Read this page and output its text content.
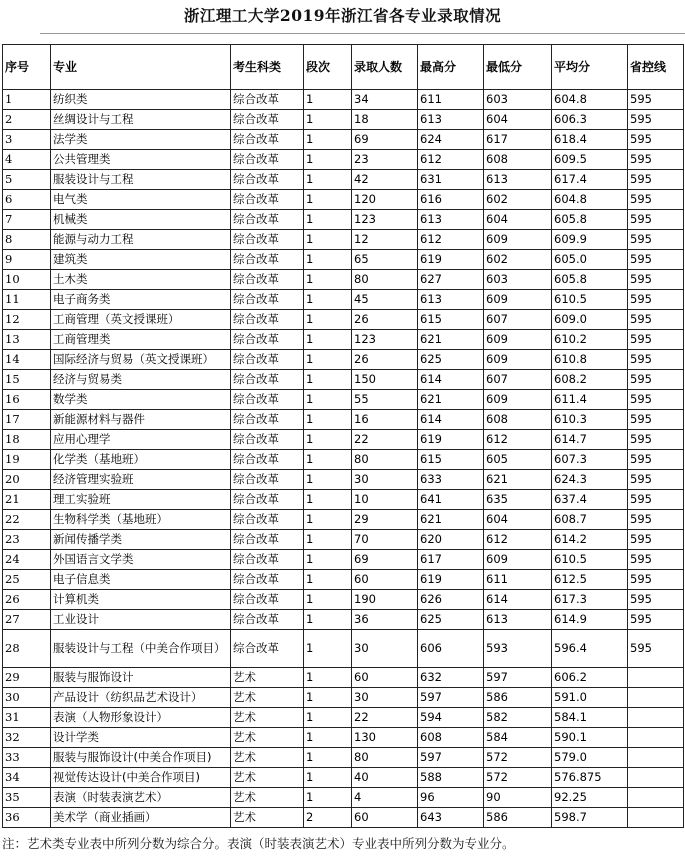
浙江理工大学2019年浙江省各专业录取情况
序号	专业	考生科类	段次	录取人数	最高分	最低分	平均分	省控线
1	纺织类	综合改革	1	34	611	603	604.8	595
2	丝绸设计与工程	综合改革	1	18	613	604	606.3	595
3	法学类	综合改革	1	69	624	617	618.4	595
4	公共管理类	综合改革	1	23	612	608	609.5	595
5	服装设计与工程	综合改革	1	42	631	613	617.4	595
6	电气类	综合改革	1	120	616	602	604.8	595
7	机械类	综合改革	1	123	613	604	605.8	595
8	能源与动力工程	综合改革	1	12	612	609	609.9	595
9	建筑类	综合改革	1	65	619	602	605.0	595
10	土木类	综合改革	1	80	627	603	605.8	595
11	电子商务类	综合改革	1	45	613	609	610.5	595
12	工商管理（英文授课班）	综合改革	1	26	615	607	609.0	595
13	工商管理类	综合改革	1	123	621	609	610.2	595
14	国际经济与贸易（英文授课班）	综合改革	1	26	625	609	610.8	595
15	经济与贸易类	综合改革	1	150	614	607	608.2	595
16	数学类	综合改革	1	55	621	609	611.4	595
17	新能源材料与器件	综合改革	1	16	614	608	610.3	595
18	应用心理学	综合改革	1	22	619	612	614.7	595
19	化学类（基地班）	综合改革	1	80	615	605	607.3	595
20	经济管理实验班	综合改革	1	30	633	621	624.3	595
21	理工实验班	综合改革	1	10	641	635	637.4	595
22	生物科学类（基地班）	综合改革	1	29	621	604	608.7	595
23	新闻传播学类	综合改革	1	70	620	612	614.2	595
24	外国语言文学类	综合改革	1	69	617	609	610.5	595
25	电子信息类	综合改革	1	60	619	611	612.5	595
26	计算机类	综合改革	1	190	626	614	617.3	595
27	工业设计	综合改革	1	36	625	613	614.9	595
28	服装设计与工程（中美合作项目）	综合改革	1	30	606	593	596.4	595
29	服装与服饰设计	艺术	1	60	632	597	606.2	
30	产品设计（纺织品艺术设计）	艺术	1	30	597	586	591.0	
31	表演（人物形象设计）	艺术	1	22	594	582	584.1	
32	设计学类	艺术	1	130	608	584	590.1	
33	服装与服饰设计(中美合作项目)	艺术	1	80	597	572	579.0	
34	视觉传达设计(中美合作项目)	艺术	1	40	588	572	576.875	
35	表演（时装表演艺术）	艺术	1	4	96	90	92.25	
36	美术学（商业插画）	艺术	2	60	643	586	598.7	
注：艺术类专业表中所列分数为综合分。表演（时装表演艺术）专业表中所列分数为专业分。
